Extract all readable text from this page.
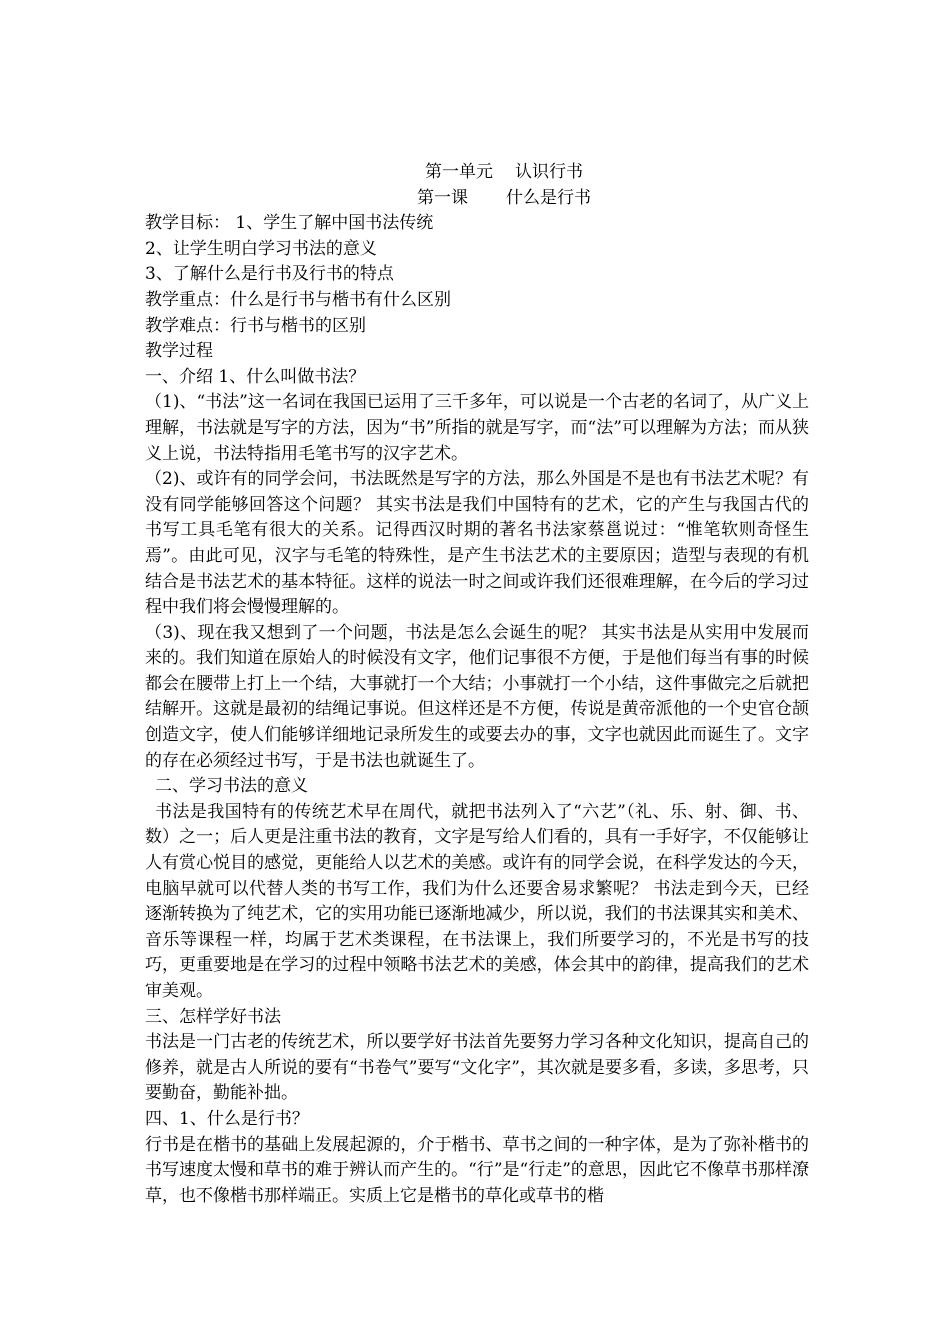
第一单元 认识行书

第一课 什么是行书

教学目标： 1、学生了解中国书法传统

2、让学生明白学习书法的意义

3、了解什么是行书及行书的特点

教学重点：什么是行书与楷书有什么区别

教学难点：行书与楷书的区别

教学过程

一、介绍 1、什么叫做书法？

（1)、“书法”这一名词在我国已运用了三千多年，可以说是一个古老的名词了，从广义上理解，书法就是写字的方法，因为“书”所指的就是写字，而“法”可以理解为方法；而从狭义上说，书法特指用毛笔书写的汉字艺术。

（2)、或许有的同学会问，书法既然是写字的方法，那么外国是不是也有书法艺术呢？有没有同学能够回答这个问题？ 其实书法是我们中国特有的艺术，它的产生与我国古代的书写工具毛笔有很大的关系。记得西汉时期的著名书法家蔡邕说过：“惟笔软则奇怪生焉”。由此可见，汉字与毛笔的特殊性，是产生书法艺术的主要原因；造型与表现的有机结合是书法艺术的基本特征。这样的说法一时之间或许我们还很难理解，在今后的学习过程中我们将会慢慢理解的。

（3)、现在我又想到了一个问题，书法是怎么会诞生的呢？ 其实书法是从实用中发展而来的。我们知道在原始人的时候没有文字，他们记事很不方便，于是他们每当有事的时候都会在腰带上打上一个结，大事就打一个大结；小事就打一个小结，这件事做完之后就把结解开。这就是最初的结绳记事说。但这样还是不方便，传说是黄帝派他的一个史官仓颉创造文字，使人们能够详细地记录所发生的或要去办的事，文字也就因此而诞生了。文字的存在必须经过书写，于是书法也就诞生了。

二、学习书法的意义

书法是我国特有的传统艺术早在周代，就把书法列入了“六艺”（礼、乐、射、御、书、数）之一；后人更是注重书法的教育，文字是写给人们看的，具有一手好字，不仅能够让人有赏心悦目的感觉，更能给人以艺术的美感。或许有的同学会说，在科学发达的今天，电脑早就可以代替人类的书写工作，我们为什么还要舍易求繁呢？ 书法走到今天，已经逐渐转换为了纯艺术，它的实用功能已逐渐地减少，所以说，我们的书法课其实和美术、音乐等课程一样，均属于艺术类课程，在书法课上，我们所要学习的，不光是书写的技巧，更重要地是在学习的过程中领略书法艺术的美感，体会其中的韵律，提高我们的艺术审美观。

三、怎样学好书法

书法是一门古老的传统艺术，所以要学好书法首先要努力学习各种文化知识，提高自己的修养，就是古人所说的要有“书卷气”要写“文化字”，其次就是要多看，多读，多思考，只要勤奋，勤能补拙。

四、1、什么是行书？

行书是在楷书的基础上发展起源的，介于楷书、草书之间的一种字体，是为了弥补楷书的书写速度太慢和草书的难于辨认而产生的。“行”是“行走”的意思，因此它不像草书那样潦草，也不像楷书那样端正。实质上它是楷书的草化或草书的楷
